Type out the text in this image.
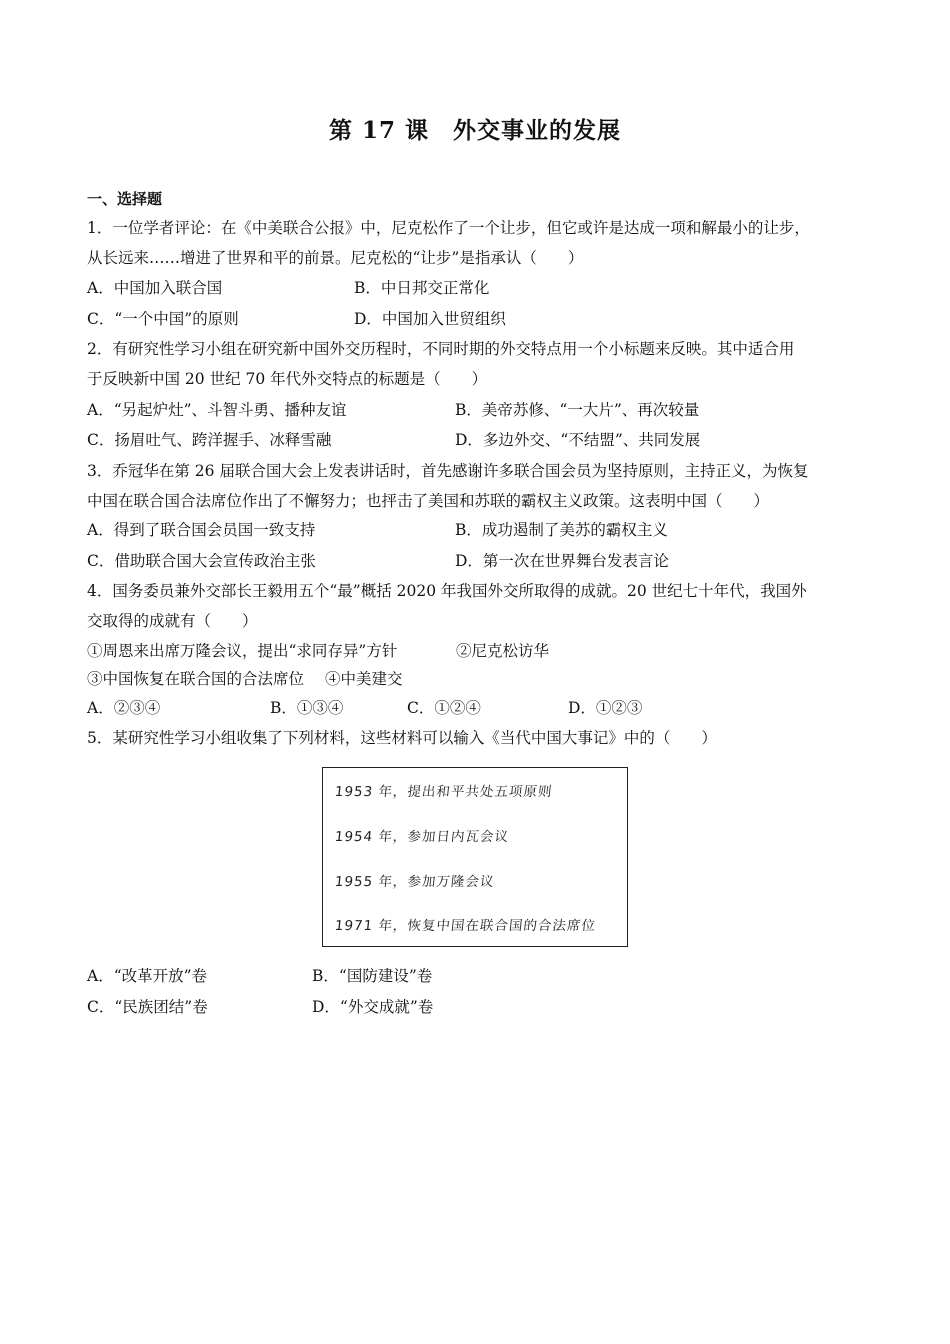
第 17 课　外交事业的发展
一、选择题
1．一位学者评论：在《中美联合公报》中，尼克松作了一个让步，但它或许是达成一项和解最小的让步，
从长远来……增进了世界和平的前景。尼克松的“让步”是指承认（　　）
A．中国加入联合国	B．中日邦交正常化
C．“一个中国”的原则	D．中国加入世贸组织
2．有研究性学习小组在研究新中国外交历程时，不同时期的外交特点用一个小标题来反映。其中适合用
于反映新中国 20 世纪 70 年代外交特点的标题是（　　）
A．“另起炉灶”、斗智斗勇、播种友谊	B．美帝苏修、“一大片”、再次较量
C．扬眉吐气、跨洋握手、冰释雪融	D．多边外交、“不结盟”、共同发展
3．乔冠华在第 26 届联合国大会上发表讲话时，首先感谢许多联合国会员为坚持原则，主持正义，为恢复
中国在联合国合法席位作出了不懈努力；也抨击了美国和苏联的霸权主义政策。这表明中国（　　）
A．得到了联合国会员国一致支持	B．成功遏制了美苏的霸权主义
C．借助联合国大会宣传政治主张	D．第一次在世界舞台发表言论
4．国务委员兼外交部长王毅用五个“最”概括 2020 年我国外交所取得的成就。20 世纪七十年代，我国外
交取得的成就有（　　）
①周恩来出席万隆会议，提出“求同存异”方针	②尼克松访华
③中国恢复在联合国的合法席位 ④中美建交
A．②③④	B．①③④	C．①②④	D．①②③
5．某研究性学习小组收集了下列材料，这些材料可以输入《当代中国大事记》中的（　　）
1953 年，提出和平共处五项原则
1954 年，参加日内瓦会议
1955 年，参加万隆会议
1971 年，恢复中国在联合国的合法席位
A．“改革开放”卷	B．“国防建设”卷
C．“民族团结”卷	D．“外交成就”卷
